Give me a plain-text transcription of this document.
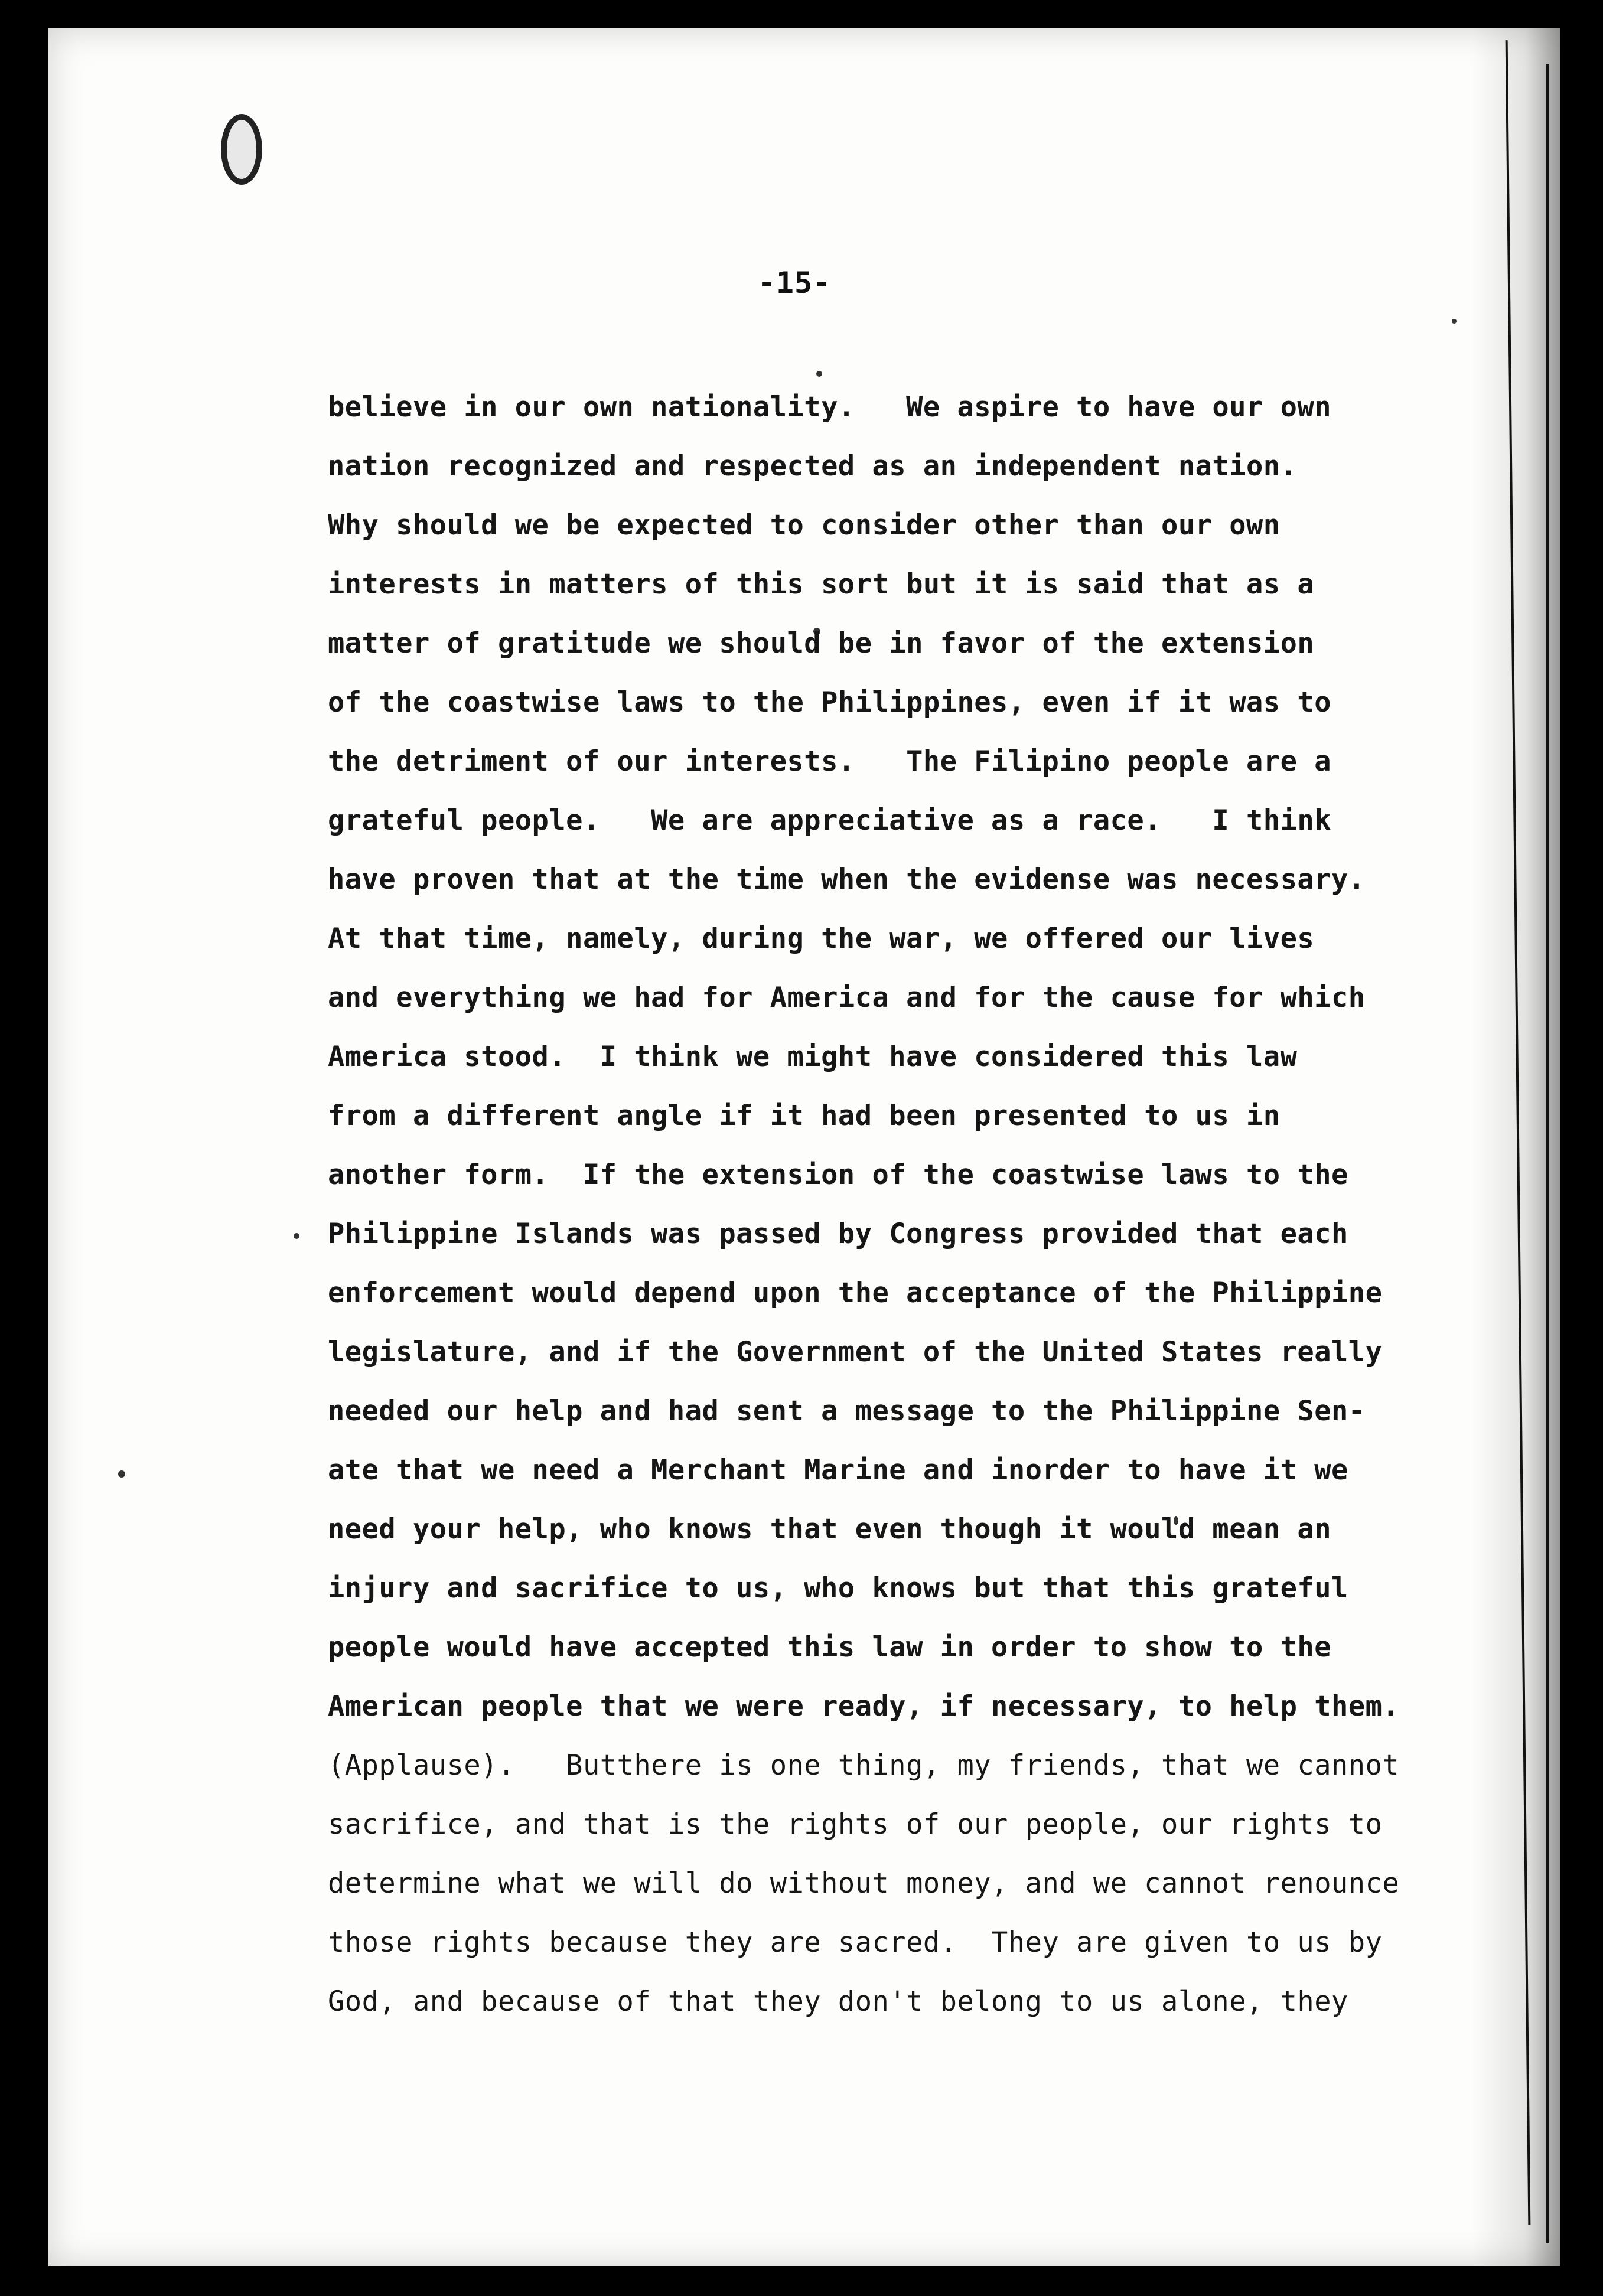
-15-
believe in our own nationality.   We aspire to have our own
nation recognized and respected as an independent nation.
Why should we be expected to consider other than our own
interests in matters of this sort but it is said that as a
matter of gratitude we should be in favor of the extension
of the coastwise laws to the Philippines, even if it was to
the detriment of our interests.   The Filipino people are a
grateful people.   We are appreciative as a race.   I think
have proven that at the time when the evidense was necessary.
At that time, namely, during the war, we offered our lives
and everything we had for America and for the cause for which
America stood.  I think we might have considered this law
from a different angle if it had been presented to us in
another form.  If the extension of the coastwise laws to the
Philippine Islands was passed by Congress provided that each
enforcement would depend upon the acceptance of the Philippine
legislature, and if the Government of the United States really
needed our help and had sent a message to the Philippine Sen-
ate that we need a Merchant Marine and inorder to have it we
need your help, who knows that even though it would mean an
injury and sacrifice to us, who knows but that this grateful
people would have accepted this law in order to show to the
American people that we were ready, if necessary, to help them.
(Applause).   Butthere is one thing, my friends, that we cannot
sacrifice, and that is the rights of our people, our rights to
determine what we will do without money, and we cannot renounce
those rights because they are sacred.  They are given to us by
God, and because of that they don't belong to us alone, they
